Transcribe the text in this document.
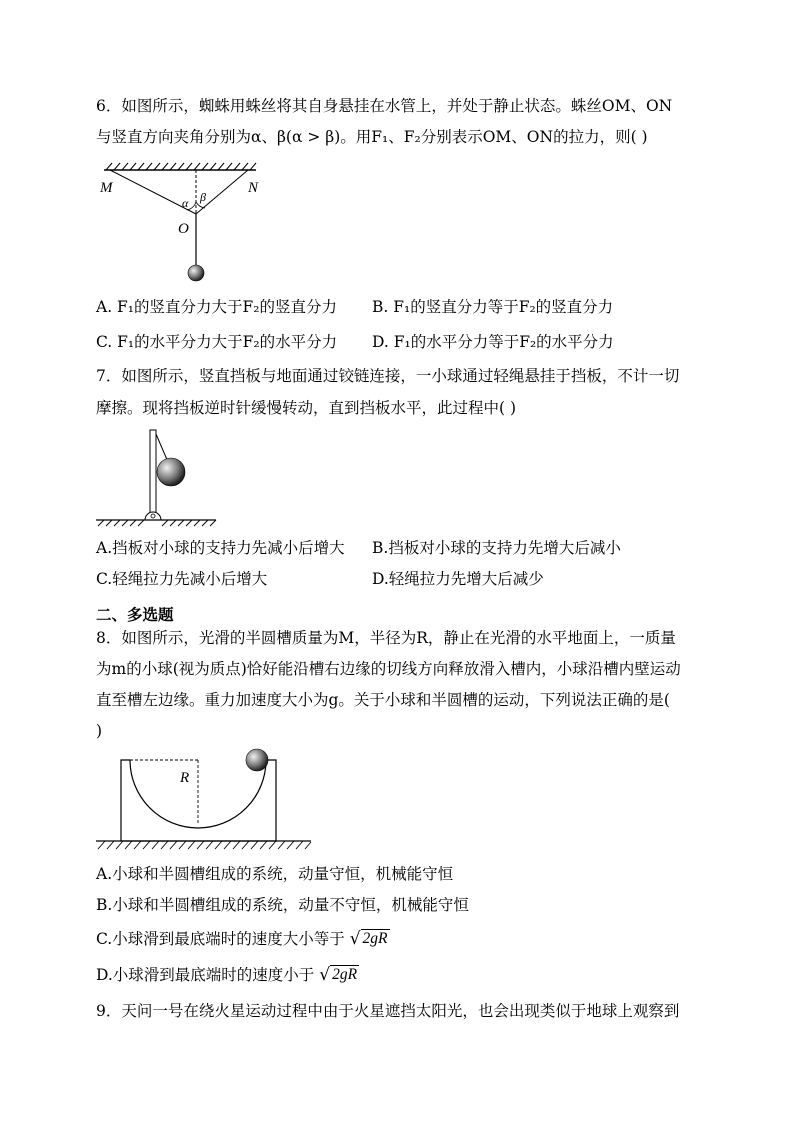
6．如图所示，蜘蛛用蛛丝将其自身悬挂在水管上，并处于静止状态。蛛丝OM、ON
与竖直方向夹角分别为α、β(α > β)。用F₁、F₂分别表示OM、ON的拉力，则( )
M	N
O
α β
A. F₁的竖直分力大于F₂的竖直分力 B. F₁的竖直分力等于F₂的竖直分力
C. F₁的水平分力大于F₂的水平分力 D. F₁的水平分力等于F₂的水平分力
7．如图所示，竖直挡板与地面通过铰链连接，一小球通过轻绳悬挂于挡板，不计一切
摩擦。现将挡板逆时针缓慢转动，直到挡板水平，此过程中( )
A.挡板对小球的支持力先减小后增大 B.挡板对小球的支持力先增大后减小
C.轻绳拉力先减小后增大	D.轻绳拉力先增大后减少
二、多选题
8．如图所示，光滑的半圆槽质量为M，半径为R，静止在光滑的水平地面上，一质量
为m的小球(视为质点)恰好能沿槽右边缘的切线方向释放滑入槽内，小球沿槽内壁运动
直至槽左边缘。重力加速度大小为g。关于小球和半圆槽的运动，下列说法正确的是(
)
R
A.小球和半圆槽组成的系统，动量守恒，机械能守恒
B.小球和半圆槽组成的系统，动量不守恒，机械能守恒
C.小球滑到最底端时的速度大小等于 √ 2gR
D.小球滑到最底端时的速度小于 √ 2gR
9．天问一号在绕火星运动过程中由于火星遮挡太阳光，也会出现类似于地球上观察到
